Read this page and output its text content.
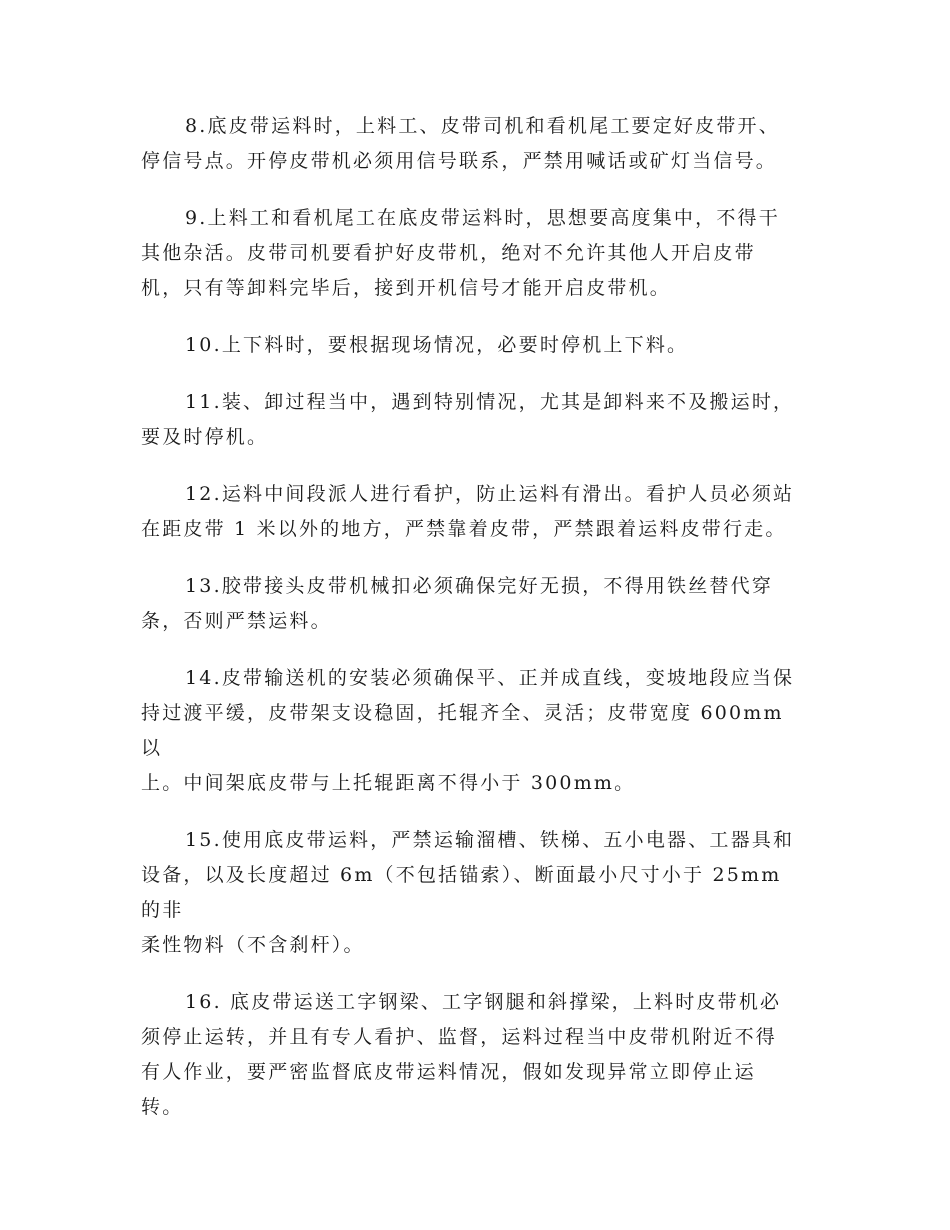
8.底皮带运料时，上料工、皮带司机和看机尾工要定好皮带开、
停信号点。开停皮带机必须用信号联系，严禁用喊话或矿灯当信号。

9.上料工和看机尾工在底皮带运料时，思想要高度集中，不得干
其他杂活。皮带司机要看护好皮带机，绝对不允许其他人开启皮带
机，只有等卸料完毕后，接到开机信号才能开启皮带机。

10.上下料时，要根据现场情况，必要时停机上下料。

11.装、卸过程当中，遇到特别情况，尤其是卸料来不及搬运时，
要及时停机。

12.运料中间段派人进行看护，防止运料有滑出。看护人员必须站
在距皮带 1 米以外的地方，严禁靠着皮带，严禁跟着运料皮带行走。

13.胶带接头皮带机械扣必须确保完好无损，不得用铁丝替代穿
条，否则严禁运料。

14.皮带输送机的安装必须确保平、正并成直线，变坡地段应当保
持过渡平缓，皮带架支设稳固，托辊齐全、灵活；皮带宽度 600mm 以
上。中间架底皮带与上托辊距离不得小于 300mm。

15.使用底皮带运料，严禁运输溜槽、铁梯、五小电器、工器具和
设备，以及长度超过 6m（不包括锚索）、断面最小尺寸小于 25mm 的非
柔性物料（不含刹杆）。

16. 底皮带运送工字钢梁、工字钢腿和斜撑梁，上料时皮带机必
须停止运转，并且有专人看护、监督，运料过程当中皮带机附近不得
有人作业，要严密监督底皮带运料情况，假如发现异常立即停止运
转。
